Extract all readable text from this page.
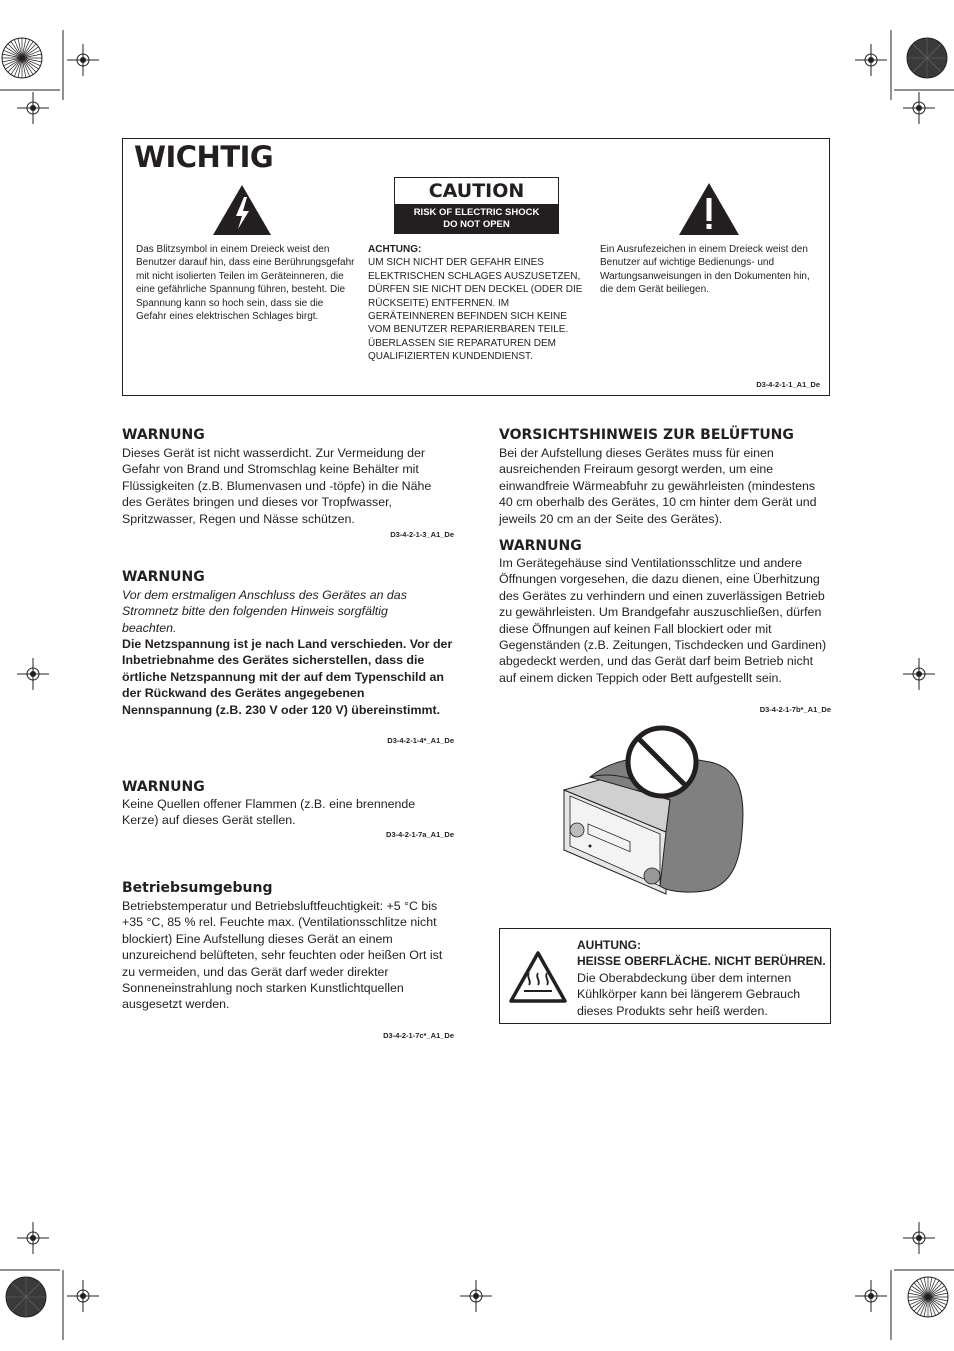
WICHTIG
CAUTION
RISK OF ELECTRIC SHOCK
DO NOT OPEN
Das Blitzsymbol in einem Dreieck weist den Benutzer darauf hin, dass eine Berührungsgefahr mit nicht isolierten Teilen im Geräteinneren, die eine gefährliche Spannung führen, besteht. Die Spannung kann so hoch sein, dass sie die Gefahr eines elektrischen Schlages birgt.
ACHTUNG:
UM SICH NICHT DER GEFAHR EINES ELEKTRISCHEN SCHLAGES AUSZUSETZEN, DÜRFEN SIE NICHT DEN DECKEL (ODER DIE RÜCKSEITE) ENTFERNEN. IM GERÄTEINNEREN BEFINDEN SICH KEINE VOM BENUTZER REPARIERBAREN TEILE. ÜBERLASSEN SIE REPARATUREN DEM QUALIFIZIERTEN KUNDENDIENST.
Ein Ausrufezeichen in einem Dreieck weist den Benutzer auf wichtige Bedienungs- und Wartungsanweisungen in den Dokumenten hin, die dem Gerät beiliegen.
D3-4-2-1-1_A1_De
WARNUNG
Dieses Gerät ist nicht wasserdicht. Zur Vermeidung der Gefahr von Brand und Stromschlag keine Behälter mit Flüssigkeiten (z.B. Blumenvasen und -töpfe) in die Nähe des Gerätes bringen und dieses vor Tropfwasser, Spritzwasser, Regen und Nässe schützen.
D3-4-2-1-3_A1_De
WARNUNG
Vor dem erstmaligen Anschluss des Gerätes an das Stromnetz bitte den folgenden Hinweis sorgfältig beachten.
Die Netzspannung ist je nach Land verschieden. Vor der Inbetriebnahme des Gerätes sicherstellen, dass die örtliche Netzspannung mit der auf dem Typenschild an der Rückwand des Gerätes angegebenen Nennspannung (z.B. 230 V oder 120 V) übereinstimmt.
D3-4-2-1-4*_A1_De
WARNUNG
Keine Quellen offener Flammen (z.B. eine brennende Kerze) auf dieses Gerät stellen.
D3-4-2-1-7a_A1_De
Betriebsumgebung
Betriebstemperatur und Betriebsluftfeuchtigkeit: +5 °C bis +35 °C, 85 % rel. Feuchte max. (Ventilationsschlitze nicht blockiert) Eine Aufstellung dieses Gerät an einem unzureichend belüfteten, sehr feuchten oder heißen Ort ist zu vermeiden, und das Gerät darf weder direkter Sonneneinstrahlung noch starken Kunstlichtquellen ausgesetzt werden.
D3-4-2-1-7c*_A1_De
VORSICHTSHINWEIS ZUR BELÜFTUNG
Bei der Aufstellung dieses Gerätes muss für einen ausreichenden Freiraum gesorgt werden, um eine einwandfreie Wärmeabfuhr zu gewährleisten (mindestens 40 cm oberhalb des Gerätes, 10 cm hinter dem Gerät und jeweils 20 cm an der Seite des Gerätes).
WARNUNG
Im Gerätegehäuse sind Ventilationsschlitze und andere Öffnungen vorgesehen, die dazu dienen, eine Überhitzung des Gerätes zu verhindern und einen zuverlässigen Betrieb zu gewährleisten. Um Brandgefahr auszuschließen, dürfen diese Öffnungen auf keinen Fall blockiert oder mit Gegenständen (z.B. Zeitungen, Tischdecken und Gardinen) abgedeckt werden, und das Gerät darf beim Betrieb nicht auf einem dicken Teppich oder Bett aufgestellt sein.
D3-4-2-1-7b*_A1_De
AUHTUNG:
HEISSE OBERFLÄCHE. NICHT BERÜHREN.
Die Oberabdeckung über dem internen Kühlkörper kann bei längerem Gebrauch dieses Produkts sehr heiß werden.
